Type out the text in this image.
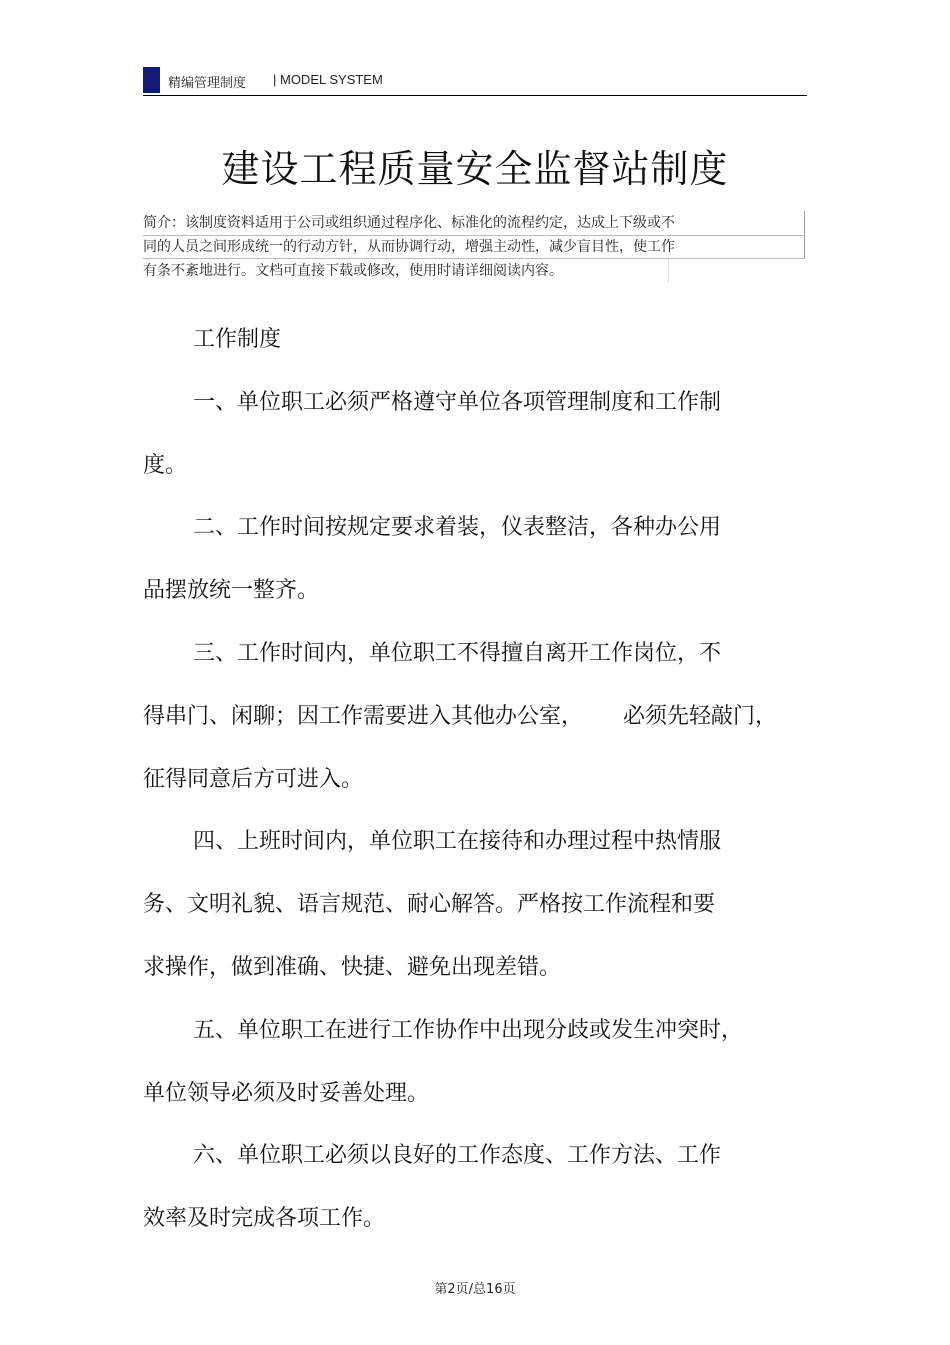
精编管理制度 | MODEL SYSTEM
建设工程质量安全监督站制度
简介：该制度资料适用于公司或组织通过程序化、标准化的流程约定，达成上下级或不
同的人员之间形成统一的行动方针，从而协调行动，增强主动性，减少盲目性，使工作
有条不紊地进行。文档可直接下载或修改，使用时请详细阅读内容。
工作制度
一、单位职工必须严格遵守单位各项管理制度和工作制
度。
二、工作时间按规定要求着装，仪表整洁，各种办公用
品摆放统一整齐。
三、工作时间内，单位职工不得擅自离开工作岗位，不
得串门、闲聊；因工作需要进入其他办公室， 必须先轻敲门，
征得同意后方可进入。
四、上班时间内，单位职工在接待和办理过程中热情服
务、文明礼貌、语言规范、耐心解答。严格按工作流程和要
求操作，做到准确、快捷、避免出现差错。
五、单位职工在进行工作协作中出现分歧或发生冲突时，
单位领导必须及时妥善处理。
六、单位职工必须以良好的工作态度、工作方法、工作
效率及时完成各项工作。
第2页/总16页
